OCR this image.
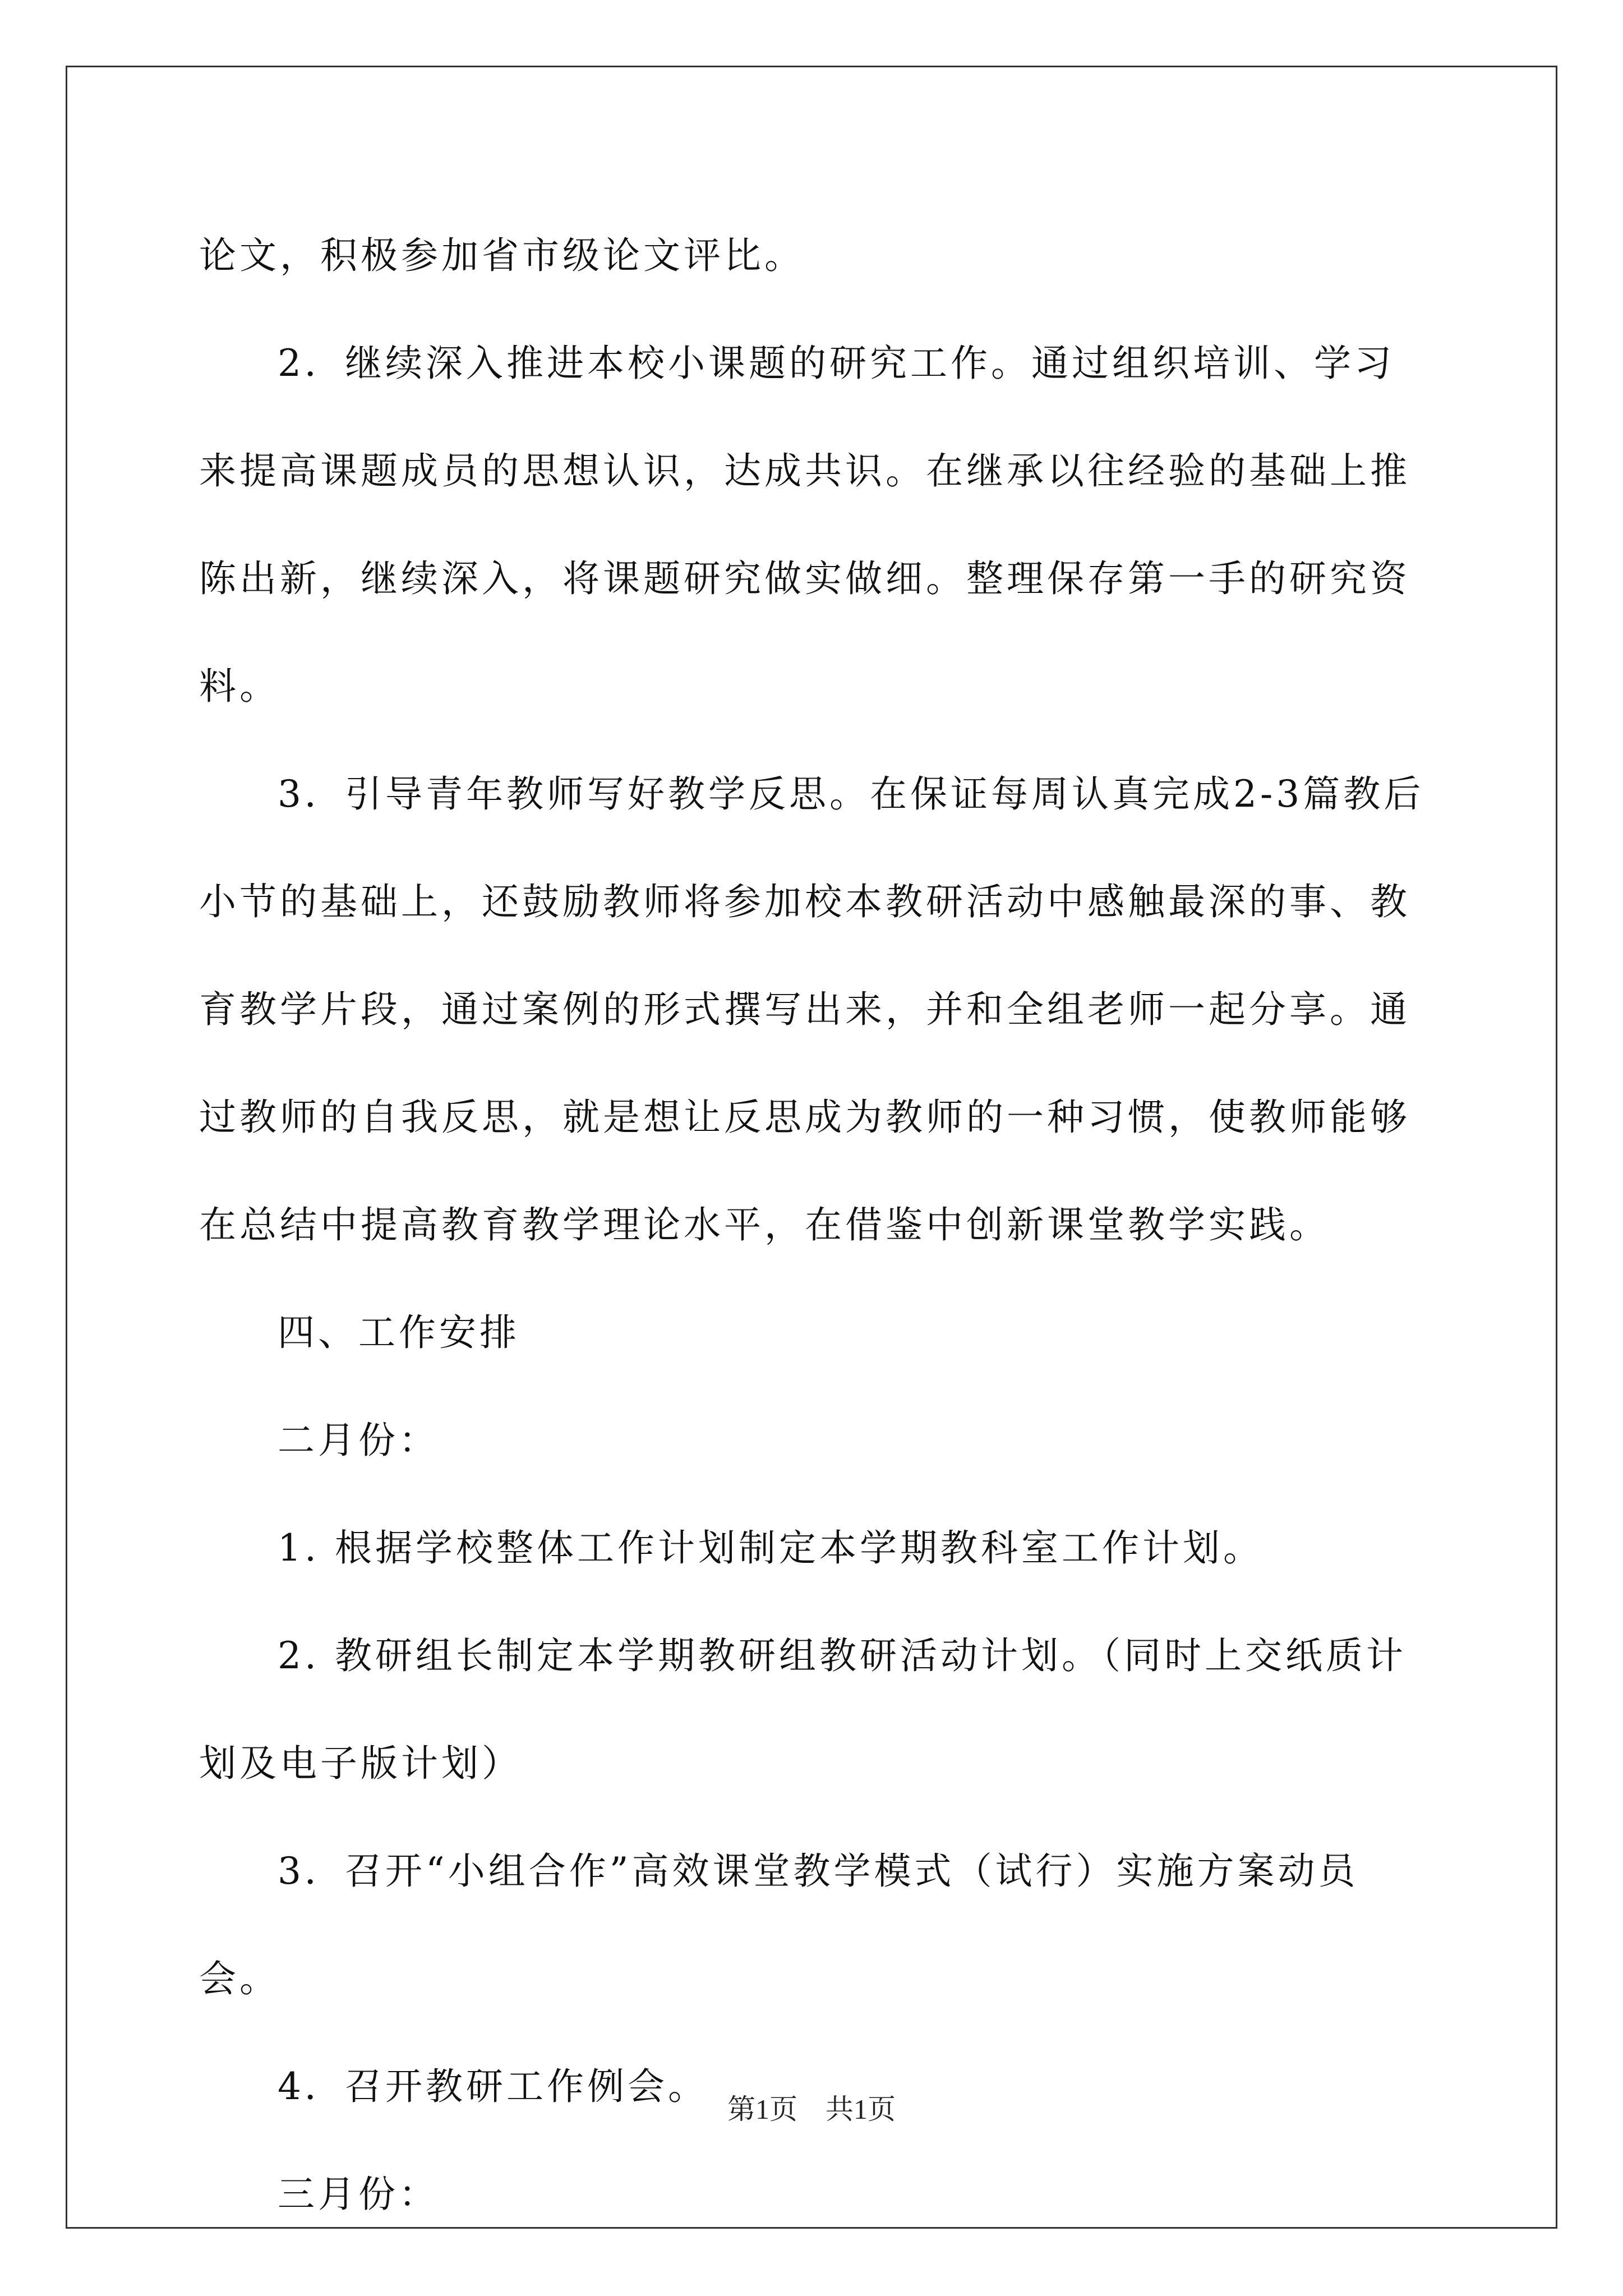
论文，积极参加省市级论文评比。

2．继续深入推进本校小课题的研究工作。通过组织培训、学习来提高课题成员的思想认识，达成共识。在继承以往经验的基础上推陈出新，继续深入，将课题研究做实做细。整理保存第一手的研究资料。

3．引导青年教师写好教学反思。在保证每周认真完成2-3篇教后小节的基础上，还鼓励教师将参加校本教研活动中感触最深的事、教育教学片段，通过案例的形式撰写出来，并和全组老师一起分享。通过教师的自我反思，就是想让反思成为教师的一种习惯，使教师能够在总结中提高教育教学理论水平，在借鉴中创新课堂教学实践。

四、工作安排

二月份：

1. 根据学校整体工作计划制定本学期教科室工作计划。

2. 教研组长制定本学期教研组教研活动计划。（同时上交纸质计划及电子版计划）

3．召开“小组合作”高效课堂教学模式（试行）实施方案动员会。

4．召开教研工作例会。

三月份：

第1页 共1页
